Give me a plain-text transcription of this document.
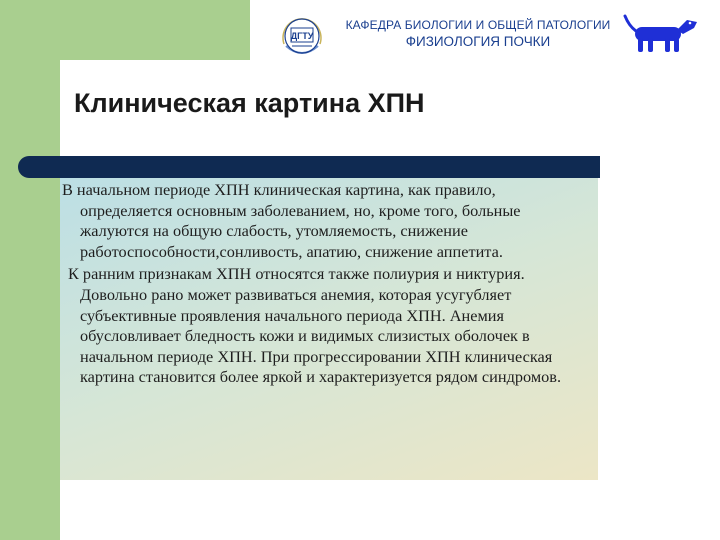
ДГТУ
КАФЕДРА БИОЛОГИИ И ОБЩЕЙ ПАТОЛОГИИ
ФИЗИОЛОГИЯ ПОЧКИ
Клиническая картина ХПН

В начальном периоде ХПН клиническая картина, как правило, определяется основным заболеванием, но, кроме того, больные жалуются на общую слабость, утомляемость, снижение работоспособности,сонливость, апатию, снижение аппетита.

К ранним признакам ХПН относятся также полиурия и никтурия. Довольно рано может развиваться анемия, которая усугубляет субъективные проявления начального периода ХПН. Анемия обусловливает бледность кожи и видимых слизистых оболочек в начальном периоде ХПН. При прогрессировании ХПН клиническая картина становится более яркой и характеризуется рядом синдромов.
